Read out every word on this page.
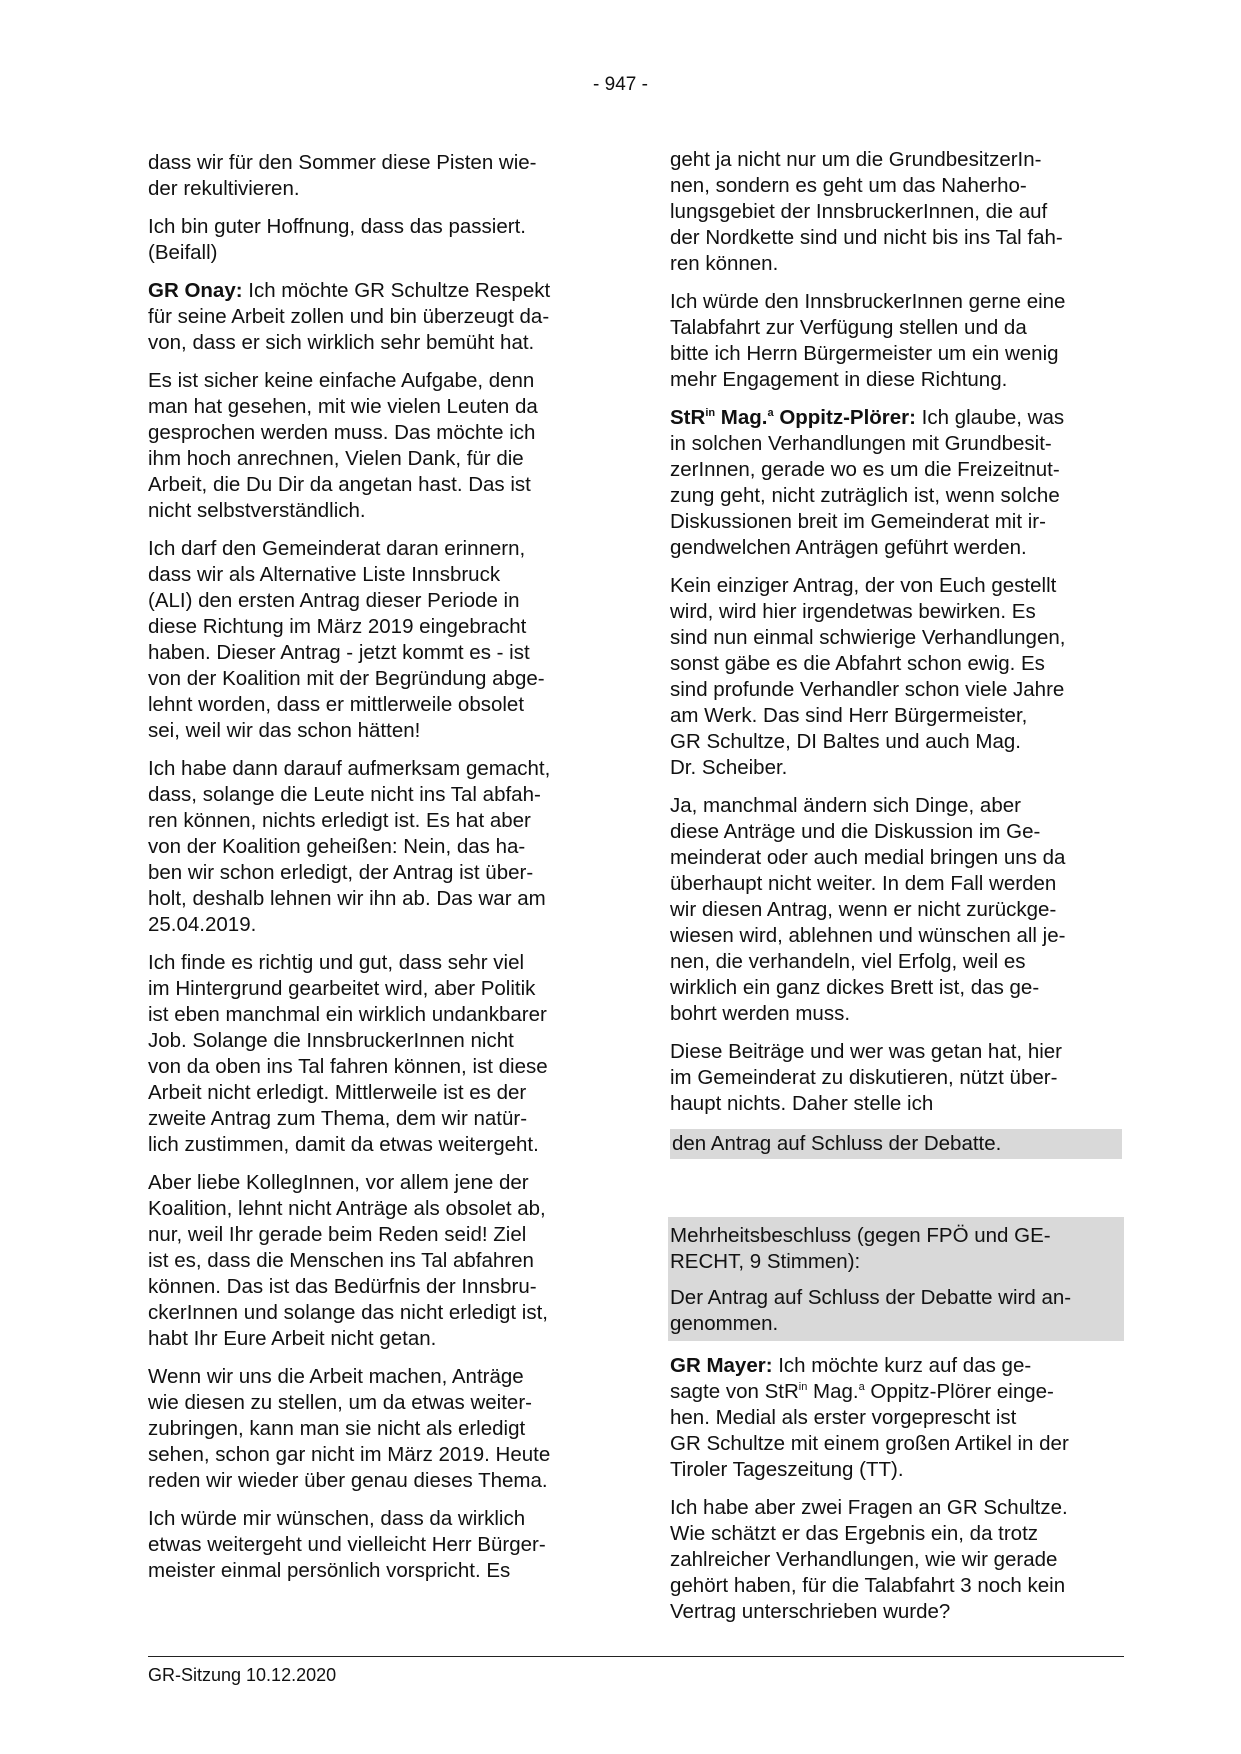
- 947 -

dass wir für den Sommer diese Pisten wie-
der rekultivieren.

Ich bin guter Hoffnung, dass das passiert.
(Beifall)

GR Onay: Ich möchte GR Schultze Respekt
für seine Arbeit zollen und bin überzeugt da-
von, dass er sich wirklich sehr bemüht hat.

Es ist sicher keine einfache Aufgabe, denn
man hat gesehen, mit wie vielen Leuten da
gesprochen werden muss. Das möchte ich
ihm hoch anrechnen, Vielen Dank, für die
Arbeit, die Du Dir da angetan hast. Das ist
nicht selbstverständlich.

Ich darf den Gemeinderat daran erinnern,
dass wir als Alternative Liste Innsbruck
(ALI) den ersten Antrag dieser Periode in
diese Richtung im März 2019 eingebracht
haben. Dieser Antrag - jetzt kommt es - ist
von der Koalition mit der Begründung abge-
lehnt worden, dass er mittlerweile obsolet
sei, weil wir das schon hätten!

Ich habe dann darauf aufmerksam gemacht,
dass, solange die Leute nicht ins Tal abfah-
ren können, nichts erledigt ist. Es hat aber
von der Koalition geheißen: Nein, das ha-
ben wir schon erledigt, der Antrag ist über-
holt, deshalb lehnen wir ihn ab. Das war am
25.04.2019.

Ich finde es richtig und gut, dass sehr viel
im Hintergrund gearbeitet wird, aber Politik
ist eben manchmal ein wirklich undankbarer
Job. Solange die InnsbruckerInnen nicht
von da oben ins Tal fahren können, ist diese
Arbeit nicht erledigt. Mittlerweile ist es der
zweite Antrag zum Thema, dem wir natür-
lich zustimmen, damit da etwas weitergeht.

Aber liebe KollegInnen, vor allem jene der
Koalition, lehnt nicht Anträge als obsolet ab,
nur, weil Ihr gerade beim Reden seid! Ziel
ist es, dass die Menschen ins Tal abfahren
können. Das ist das Bedürfnis der Innsbru-
ckerInnen und solange das nicht erledigt ist,
habt Ihr Eure Arbeit nicht getan.

Wenn wir uns die Arbeit machen, Anträge
wie diesen zu stellen, um da etwas weiter-
zubringen, kann man sie nicht als erledigt
sehen, schon gar nicht im März 2019. Heute
reden wir wieder über genau dieses Thema.

Ich würde mir wünschen, dass da wirklich
etwas weitergeht und vielleicht Herr Bürger-
meister einmal persönlich vorspricht. Es

geht ja nicht nur um die GrundbesitzerIn-
nen, sondern es geht um das Naherho-
lungsgebiet der InnsbruckerInnen, die auf
der Nordkette sind und nicht bis ins Tal fah-
ren können.

Ich würde den InnsbruckerInnen gerne eine
Talabfahrt zur Verfügung stellen und da
bitte ich Herrn Bürgermeister um ein wenig
mehr Engagement in diese Richtung.

StR$^{in}$ Mag.$^a$ Oppitz-Plörer: Ich glaube, was
in solchen Verhandlungen mit Grundbesit-
zerInnen, gerade wo es um die Freizeitnut-
zung geht, nicht zuträglich ist, wenn solche
Diskussionen breit im Gemeinderat mit ir-
gendwelchen Anträgen geführt werden.

Kein einziger Antrag, der von Euch gestellt
wird, wird hier irgendetwas bewirken. Es
sind nun einmal schwierige Verhandlungen,
sonst gäbe es die Abfahrt schon ewig. Es
sind profunde Verhandler schon viele Jahre
am Werk. Das sind Herr Bürgermeister,
GR Schultze, DI Baltes und auch Mag.
Dr. Scheiber.

Ja, manchmal ändern sich Dinge, aber
diese Anträge und die Diskussion im Ge-
meinderat oder auch medial bringen uns da
überhaupt nicht weiter. In dem Fall werden
wir diesen Antrag, wenn er nicht zurückge-
wiesen wird, ablehnen und wünschen all je-
nen, die verhandeln, viel Erfolg, weil es
wirklich ein ganz dickes Brett ist, das ge-
bohrt werden muss.

Diese Beiträge und wer was getan hat, hier
im Gemeinderat zu diskutieren, nützt über-
haupt nichts. Daher stelle ich

den Antrag auf Schluss der Debatte.

Mehrheitsbeschluss (gegen FPÖ und GE-
RECHT, 9 Stimmen):

Der Antrag auf Schluss der Debatte wird an-
genommen.

GR Mayer: Ich möchte kurz auf das ge-
sagte von StR$^{in}$ Mag.$^a$ Oppitz-Plörer einge-
hen. Medial als erster vorgeprescht ist
GR Schultze mit einem großen Artikel in der
Tiroler Tageszeitung (TT).

Ich habe aber zwei Fragen an GR Schultze.
Wie schätzt er das Ergebnis ein, da trotz
zahlreicher Verhandlungen, wie wir gerade
gehört haben, für die Talabfahrt 3 noch kein
Vertrag unterschrieben wurde?

GR-Sitzung 10.12.2020
